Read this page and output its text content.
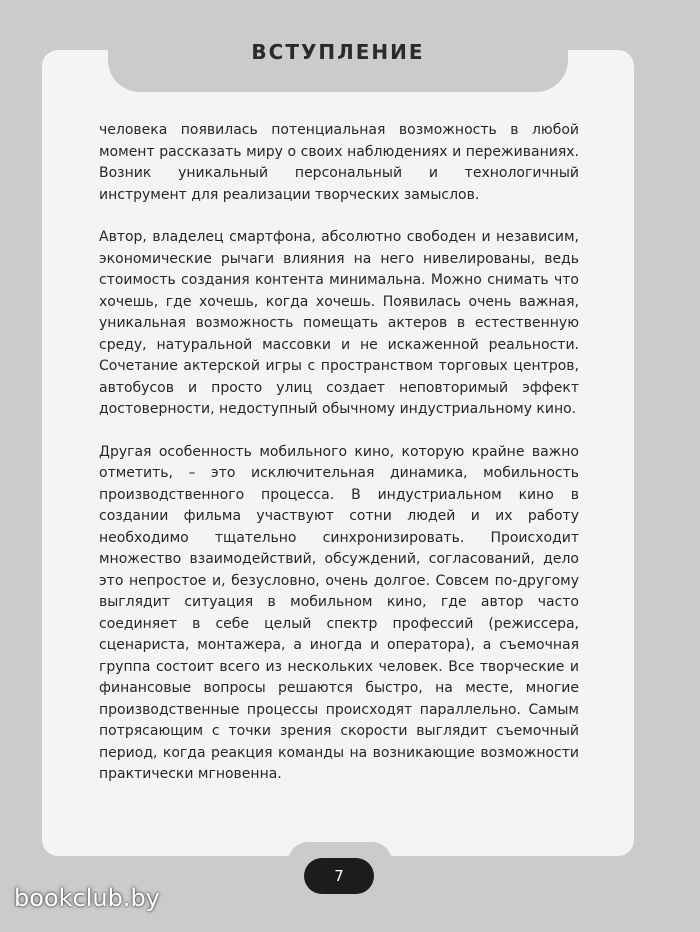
ВСТУПЛЕНИЕ

человека появилась потенциальная возможность в любой момент рассказать миру о своих наблюдениях и переживаниях. Возник уникальный персональный и технологичный инструмент для реализации творческих замыслов.

Автор, владелец смартфона, абсолютно свободен и независим, экономические рычаги влияния на него нивелированы, ведь стоимость создания контента минимальна. Можно снимать что хочешь, где хочешь, когда хочешь. Появилась очень важная, уникальная возможность помещать актеров в естественную среду, натуральной массовки и не искаженной реальности. Сочетание актерской игры с пространством торговых центров, автобусов и просто улиц создает неповторимый эффект достоверности, недоступный обычному индустриальному кино.

Другая особенность мобильного кино, которую крайне важно отметить, – это исключительная динамика, мобильность производственного процесса. В индустриальном кино в создании фильма участвуют сотни людей и их работу необходимо тщательно синхронизировать. Происходит множество взаимодействий, обсуждений, согласований, дело это непростое и, безусловно, очень долгое. Совсем по-другому выглядит ситуация в мобильном кино, где автор часто соединяет в себе целый спектр профессий (режиссера, сценариста, монтажера, а иногда и оператора), а съемочная группа состоит всего из нескольких человек. Все творческие и финансовые вопросы решаются быстро, на месте, многие производственные процессы происходят параллельно. Самым потрясающим с точки зрения скорости выглядит съемочный период, когда реакция команды на возникающие возможности практически мгновенна.

7
bookclub.by
